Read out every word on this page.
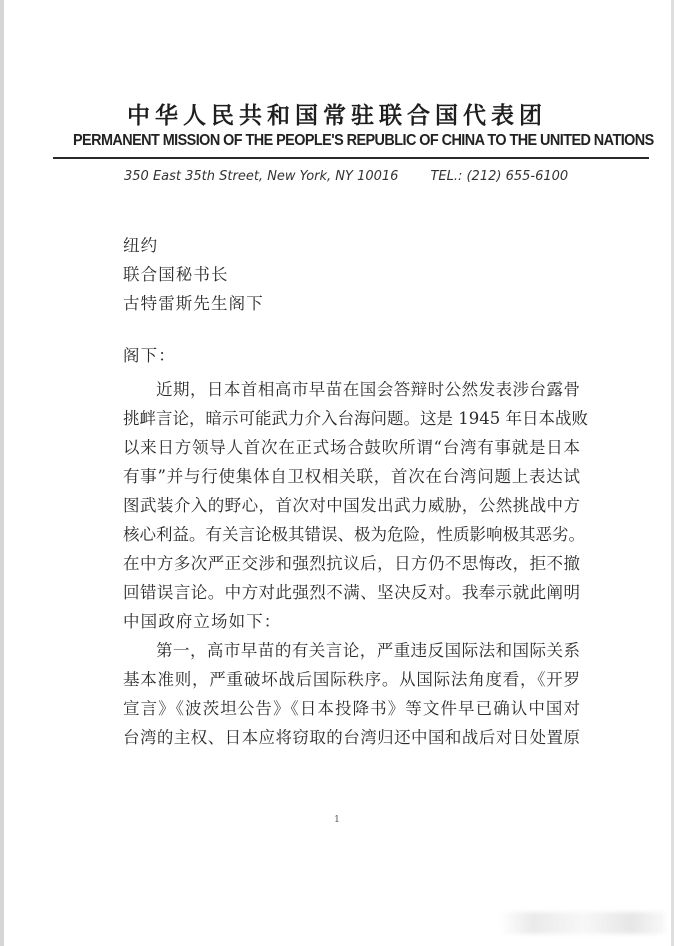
中华人民共和国常驻联合国代表团
PERMANENT MISSION OF THE PEOPLE'S REPUBLIC OF CHINA TO THE UNITED NATIONS
350 East 35th Street, New York, NY 10016 TEL.: (212) 655-6100
纽约
联合国秘书长
古特雷斯先生阁下
阁下：
近期，日本首相高市早苗在国会答辩时公然发表涉台露骨
挑衅言论，暗示可能武力介入台海问题。这是 1945 年日本战败
以来日方领导人首次在正式场合鼓吹所谓“台湾有事就是日本
有事”并与行使集体自卫权相关联，首次在台湾问题上表达试
图武装介入的野心，首次对中国发出武力威胁，公然挑战中方
核心利益。有关言论极其错误、极为危险，性质影响极其恶劣。
在中方多次严正交涉和强烈抗议后，日方仍不思悔改，拒不撤
回错误言论。中方对此强烈不满、坚决反对。我奉示就此阐明
中国政府立场如下：
第一，高市早苗的有关言论，严重违反国际法和国际关系
基本准则，严重破坏战后国际秩序。从国际法角度看，《开罗
宣言》《波茨坦公告》《日本投降书》等文件早已确认中国对
台湾的主权、日本应将窃取的台湾归还中国和战后对日处置原
1
